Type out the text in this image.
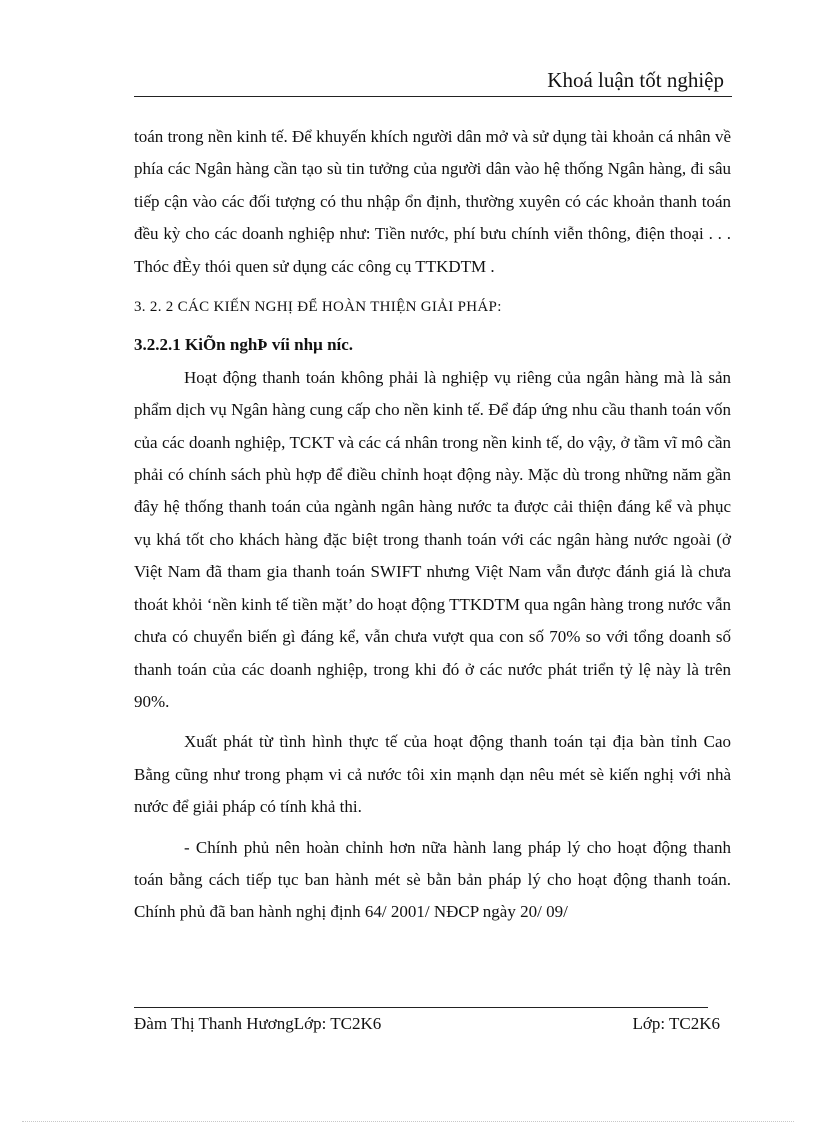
Khoá luận tốt nghiệp

toán trong nền kinh tế. Để khuyến khích người dân mở và sử dụng tài khoản cá nhân về phía các Ngân hàng cần tạo sù tin tưởng của người dân vào hệ thống Ngân hàng, đi sâu tiếp cận vào các đối tượng có thu nhập ổn định, thường xuyên có các khoản thanh toán đều kỳ cho các doanh nghiệp như: Tiền nước, phí bưu chính viễn thông, điện thoại . . . Thóc đÈy thói quen sử dụng các công cụ TTKDTM .

3. 2. 2 CÁC KIẾN NGHỊ ĐỂ HOÀN THIỆN GIẢI PHÁP:

3.2.2.1 KiÕn nghÞ víi nhµ níc.

Hoạt động thanh toán không phải là nghiệp vụ riêng của ngân hàng mà là sản phẩm dịch vụ Ngân hàng cung cấp cho nền kinh tế. Để đáp ứng nhu cầu thanh toán vốn của các doanh nghiệp, TCKT và các cá nhân trong nền kinh tế, do vậy, ở tầm vĩ mô cần phải có chính sách phù hợp để điều chỉnh hoạt động này. Mặc dù trong những năm gần đây hệ thống thanh toán của ngành ngân hàng nước ta được cải thiện đáng kể và phục vụ khá tốt cho khách hàng đặc biệt trong thanh toán với các ngân hàng nước ngoài (ở Việt Nam đã tham gia thanh toán SWIFT nhưng Việt Nam vẫn được đánh giá là chưa thoát khỏi ‘nền kinh tế tiền mặt’ do hoạt động TTKDTM qua ngân hàng trong nước vẫn chưa có chuyển biến gì đáng kể, vẫn chưa vượt qua con số 70% so với tổng doanh số thanh toán của các doanh nghiệp, trong khi đó ở các nước phát triển tỷ lệ này là trên 90%.

Xuất phát từ tình hình thực tế của hoạt động thanh toán tại địa bàn tỉnh Cao Bằng cũng như trong phạm vi cả nước tôi xin mạnh dạn nêu mét sè kiến nghị với nhà nước để giải pháp có tính khả thi.

- Chính phủ nên hoàn chỉnh hơn nữa hành lang pháp lý cho hoạt động thanh toán bằng cách tiếp tục ban hành mét sè bằn bản pháp lý cho hoạt động thanh toán. Chính phủ đã ban hành nghị định 64/ 2001/ NĐCP ngày 20/ 09/

Đàm Thị Thanh HươngLớp: TC2K6	Lớp: TC2K6
